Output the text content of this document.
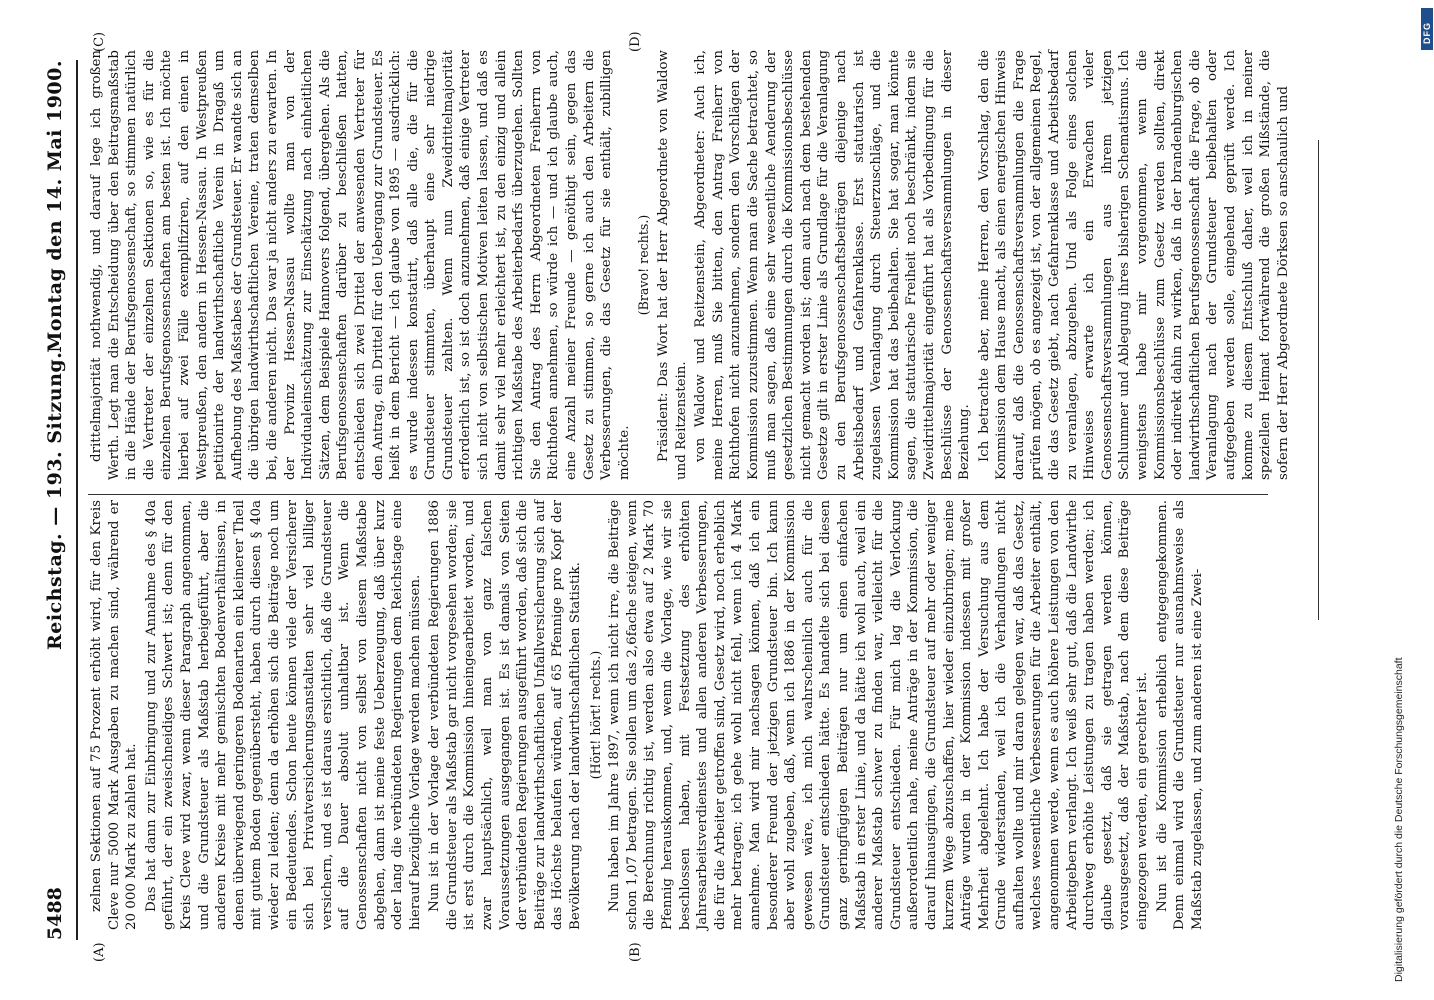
5488
Reichstag. — 193. Sitzung.
Montag den 14. Mai 1900.
(A)	(B)
(C)	(D)

zelnen Sektionen auf 75 Prozent erhöht wird, für den Kreis Cleve nur 5000 Mark Ausgaben zu machen sind, während er 20 000 Mark zu zahlen hat. Das hat dann zur Einbringung und zur Annahme des § 40a geführt, der ein zweischneidiges Schwert ist; denn für den Kreis Cleve wird zwar, wenn dieser Paragraph angenommen, und die Grundsteuer als Maßstab herbeigeführt, aber die anderen Kreise mit mehr gemischten Bodenverhältnissen, in denen überwiegend geringeren Bodenarten ein kleinerer Theil mit gutem Boden gegenübersteht, haben durch diesen § 40a wieder zu leiden; denn da erhöhen sich die Beiträge noch um ein Bedeutendes. Schon heute können viele der Versicherer sich bei Privatversicherungsanstalten sehr viel billiger versichern, und es ist daraus ersichtlich, daß die Grundsteuer auf die Dauer absolut unhaltbar ist. Wenn die Genossenschaften nicht von selbst von diesem Maßstabe abgehen, dann ist meine feste Ueberzeugung, daß über kurz oder lang die verbündeten Regierungen dem Reichstage eine hierauf bezügliche Vorlage werden machen müssen. Nun ist in der Vorlage der verbündeten Regierungen 1886 die Grundsteuer als Maßstab gar nicht vorgesehen worden; sie ist erst durch die Kommission hineingearbeitet worden, und zwar hauptsächlich, weil man von ganz falschen Voraussetzungen ausgegangen ist. Es ist damals von Seiten der verbündeten Regierungen ausgeführt worden, daß sich die Beiträge zur landwirthschaftlichen Unfallversicherung sich auf das Höchste belaufen würden, auf 65 Pfennige pro Kopf der Bevölkerung nach der landwirthschaftlichen Statistik. (Hört! hört! rechts.) Nun haben im Jahre 1897, wenn ich nicht irre, die Beiträge schon 1,07 betragen. Sie sollen um das 2,6fache steigen, wenn die Berechnung richtig ist, werden also etwa auf 2 Mark 70 Pfennig herauskommen, und, wenn die Vorlage, wie wir sie beschlossen haben, mit Festsetzung des erhöhten Jahresarbeitsverdienstes und allen anderen Verbesserungen, die für die Arbeiter getroffen sind, Gesetz wird, noch erheblich mehr betragen; ich gehe wohl nicht fehl, wenn ich 4 Mark annehme. Man wird mir nachsagen können, daß ich ein besonderer Freund der jetzigen Grundsteuer bin. Ich kann aber wohl zugeben, daß, wenn ich 1886 in der Kommission gewesen wäre, ich mich wahrscheinlich auch für die Grundsteuer entschieden hätte. Es handelte sich bei diesen ganz geringfügigen Beiträgen nur um einen einfachen Maßstab in erster Linie, und da hätte ich wohl auch, weil ein anderer Maßstab schwer zu finden war, vielleicht für die Grundsteuer entschieden. Für mich lag die Verlockung außerordentlich nahe, meine Anträge in der Kommission, die darauf hinausgingen, die Grundsteuer auf mehr oder weniger kurzem Wege abzuschaffen, hier wieder einzubringen; meine Anträge wurden in der Kommission indessen mit großer Mehrheit abgelehnt. Ich habe der Versuchung aus dem Grunde widerstanden, weil ich die Verhandlungen nicht aufhalten wollte und mir daran gelegen war, daß das Gesetz, welches wesentliche Verbesserungen für die Arbeiter enthält, angenommen werde, wenn es auch höhere Leistungen von den Arbeitgebern verlangt. Ich weiß sehr gut, daß die Landwirthe durchweg erhöhte Leistungen zu tragen haben werden; ich glaube gesetzt, daß sie getragen werden können, vorausgesetzt, daß der Maßstab, nach dem diese Beiträge eingezogen werden, ein gerechter ist. Nun ist die Kommission erheblich entgegengekommen. Denn einmal wird die Grundsteuer nur ausnahmsweise als Maßstab zugelassen, und zum anderen ist eine Zwei-

drittelmajorität nothwendig, und darauf lege ich großen Werth. Legt man die Entscheidung über den Beitragsmaßstab in die Hände der Berufsgenossenschaft, so stimmen natürlich die Vertreter der einzelnen Sektionen so, wie es für die einzelnen Berufsgenossenschaften am besten ist. Ich möchte hierbei auf zwei Fälle exemplifiziren, auf den einen in Westpreußen, den andern in Hessen-Nassau. In Westpreußen petitionirte der landwirthschaftliche Verein in Dragaß um Aufhebung des Maßstabes der Grundsteuer. Er wandte sich an die übrigen landwirthschaftlichen Vereine, traten demselben bei, die anderen nicht. Das war ja nicht anders zu erwarten. In der Provinz Hessen-Nassau wollte man von der Individualeinschätzung zur Einschätzung nach einheitlichen Sätzen, dem Beispiele Hannovers folgend, übergehen. Als die Berufsgenossenschaften darüber zu beschließen hatten, entschieden sich zwei Drittel der anwesenden Vertreter für den Antrag, ein Drittel für den Uebergang zur Grundsteuer. Es heißt in dem Bericht — ich glaube von 1895 — ausdrücklich: es wurde indessen konstatirt, daß alle die, die für die Grundsteuer stimmten, überhaupt eine sehr niedrige Grundsteuer zahlten. Wenn nun Zweidrittelmajorität erforderlich ist, so ist doch anzunehmen, daß einige Vertreter sich nicht von selbstischen Motiven leiten lassen, und daß es damit sehr viel mehr erleichtert ist, zu den einzig und allein richtigen Maßstabe des Arbeiterbedarfs überzugehen. Sollten Sie den Antrag des Herrn Abgeordneten Freiherrn von Richthofen annehmen, so würde ich — und ich glaube auch, eine Anzahl meiner Freunde — genöthigt sein, gegen das Gesetz zu stimmen, so gerne ich auch den Arbeitern die Verbesserungen, die das Gesetz für sie enthält, zubilligen möchte.

(Bravo! rechts.) Präsident: Das Wort hat der Herr Abgeordnete von Waldow und Reitzenstein. von Waldow und Reitzenstein, Abgeordneter: Auch ich, meine Herren, muß Sie bitten, den Antrag Freiherr von Richthofen nicht anzunehmen, sondern den Vorschlägen der Kommission zuzustimmen. Wenn man die Sache betrachtet, so muß man sagen, daß eine sehr wesentliche Aenderung der gesetzlichen Bestimmungen durch die Kommissionsbeschlüsse nicht gemacht worden ist; denn auch nach dem bestehenden Gesetze gilt in erster Linie als Grundlage für die Veranlagung zu den Berufsgenossenschaftsbeiträgen diejenige nach Arbeitsbedarf und Gefahrenklasse. Erst statutarisch ist zugelassen Veranlagung durch Steuerzuschläge, und die Kommission hat das beibehalten. Sie hat sogar, man könnte sagen, die statutarische Freiheit noch beschränkt, indem sie Zweidrittelmajorität eingeführt hat als Vorbedingung für die Beschlüsse der Genossenschaftsversammlungen in dieser Beziehung. Ich betrachte aber, meine Herren, den Vorschlag, den die Kommission dem Hause macht, als einen energischen Hinweis darauf, daß die Genossenschaftsversammlungen die Frage prüfen mögen, ob es angezeigt ist, von der allgemeinen Regel, die das Gesetz giebt, nach Gefahrenklasse und Arbeitsbedarf zu veranlagen, abzugehen. Und als Folge eines solchen Hinweises erwarte ich ein Erwachen vieler Genossenschaftsversammlungen aus ihrem jetzigen Schlummer und Ablegung ihres bisherigen Schematismus. Ich wenigstens habe mir vorgenommen, wenn die Kommissionsbeschlüsse zum Gesetz werden sollten, direkt oder indirekt dahin zu wirken, daß in der brandenburgischen landwirthschaftlichen Berufsgenossenschaft die Frage, ob die Veranlagung nach der Grundsteuer beibehalten oder aufgegeben werden solle, eingehend geprüft werde. Ich komme zu diesem Entschluß daher, weil ich in meiner speziellen Heimat fortwährend die großen Mißstände, die sofern der Herr Abgeordnete Dörksen so anschaulich und

Digitalisierung gefördert durch die Deutsche Forschungsgemeinschaft
DFG
